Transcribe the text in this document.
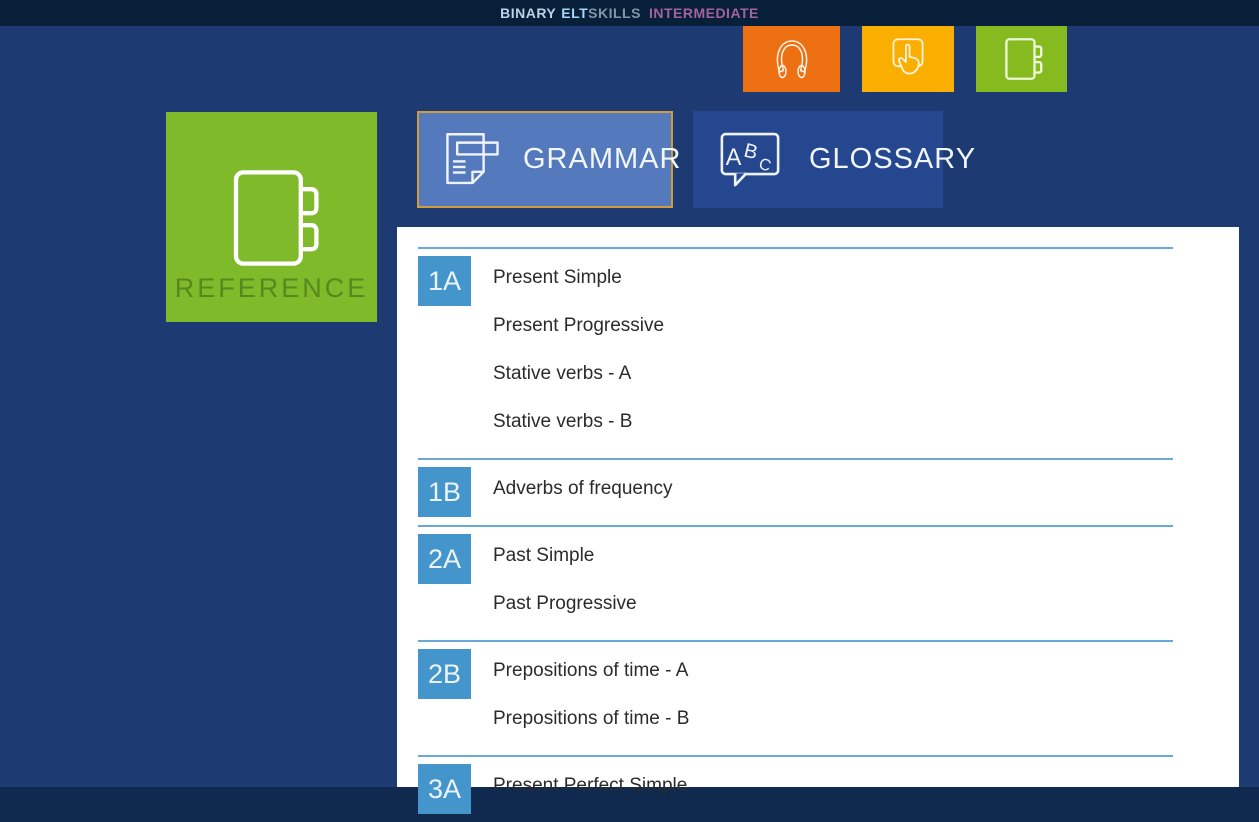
BINARY ELT SKILLS INTERMEDIATE
REFERENCE
GRAMMAR A B
C GLOSSARY
1A	Present Simple
Present Progressive
Stative verbs - A
Stative verbs - B
1B	Adverbs of frequency
2A	Past Simple
Past Progressive
2B	Prepositions of time - A
Prepositions of time - B
3A	Present Perfect Simple
